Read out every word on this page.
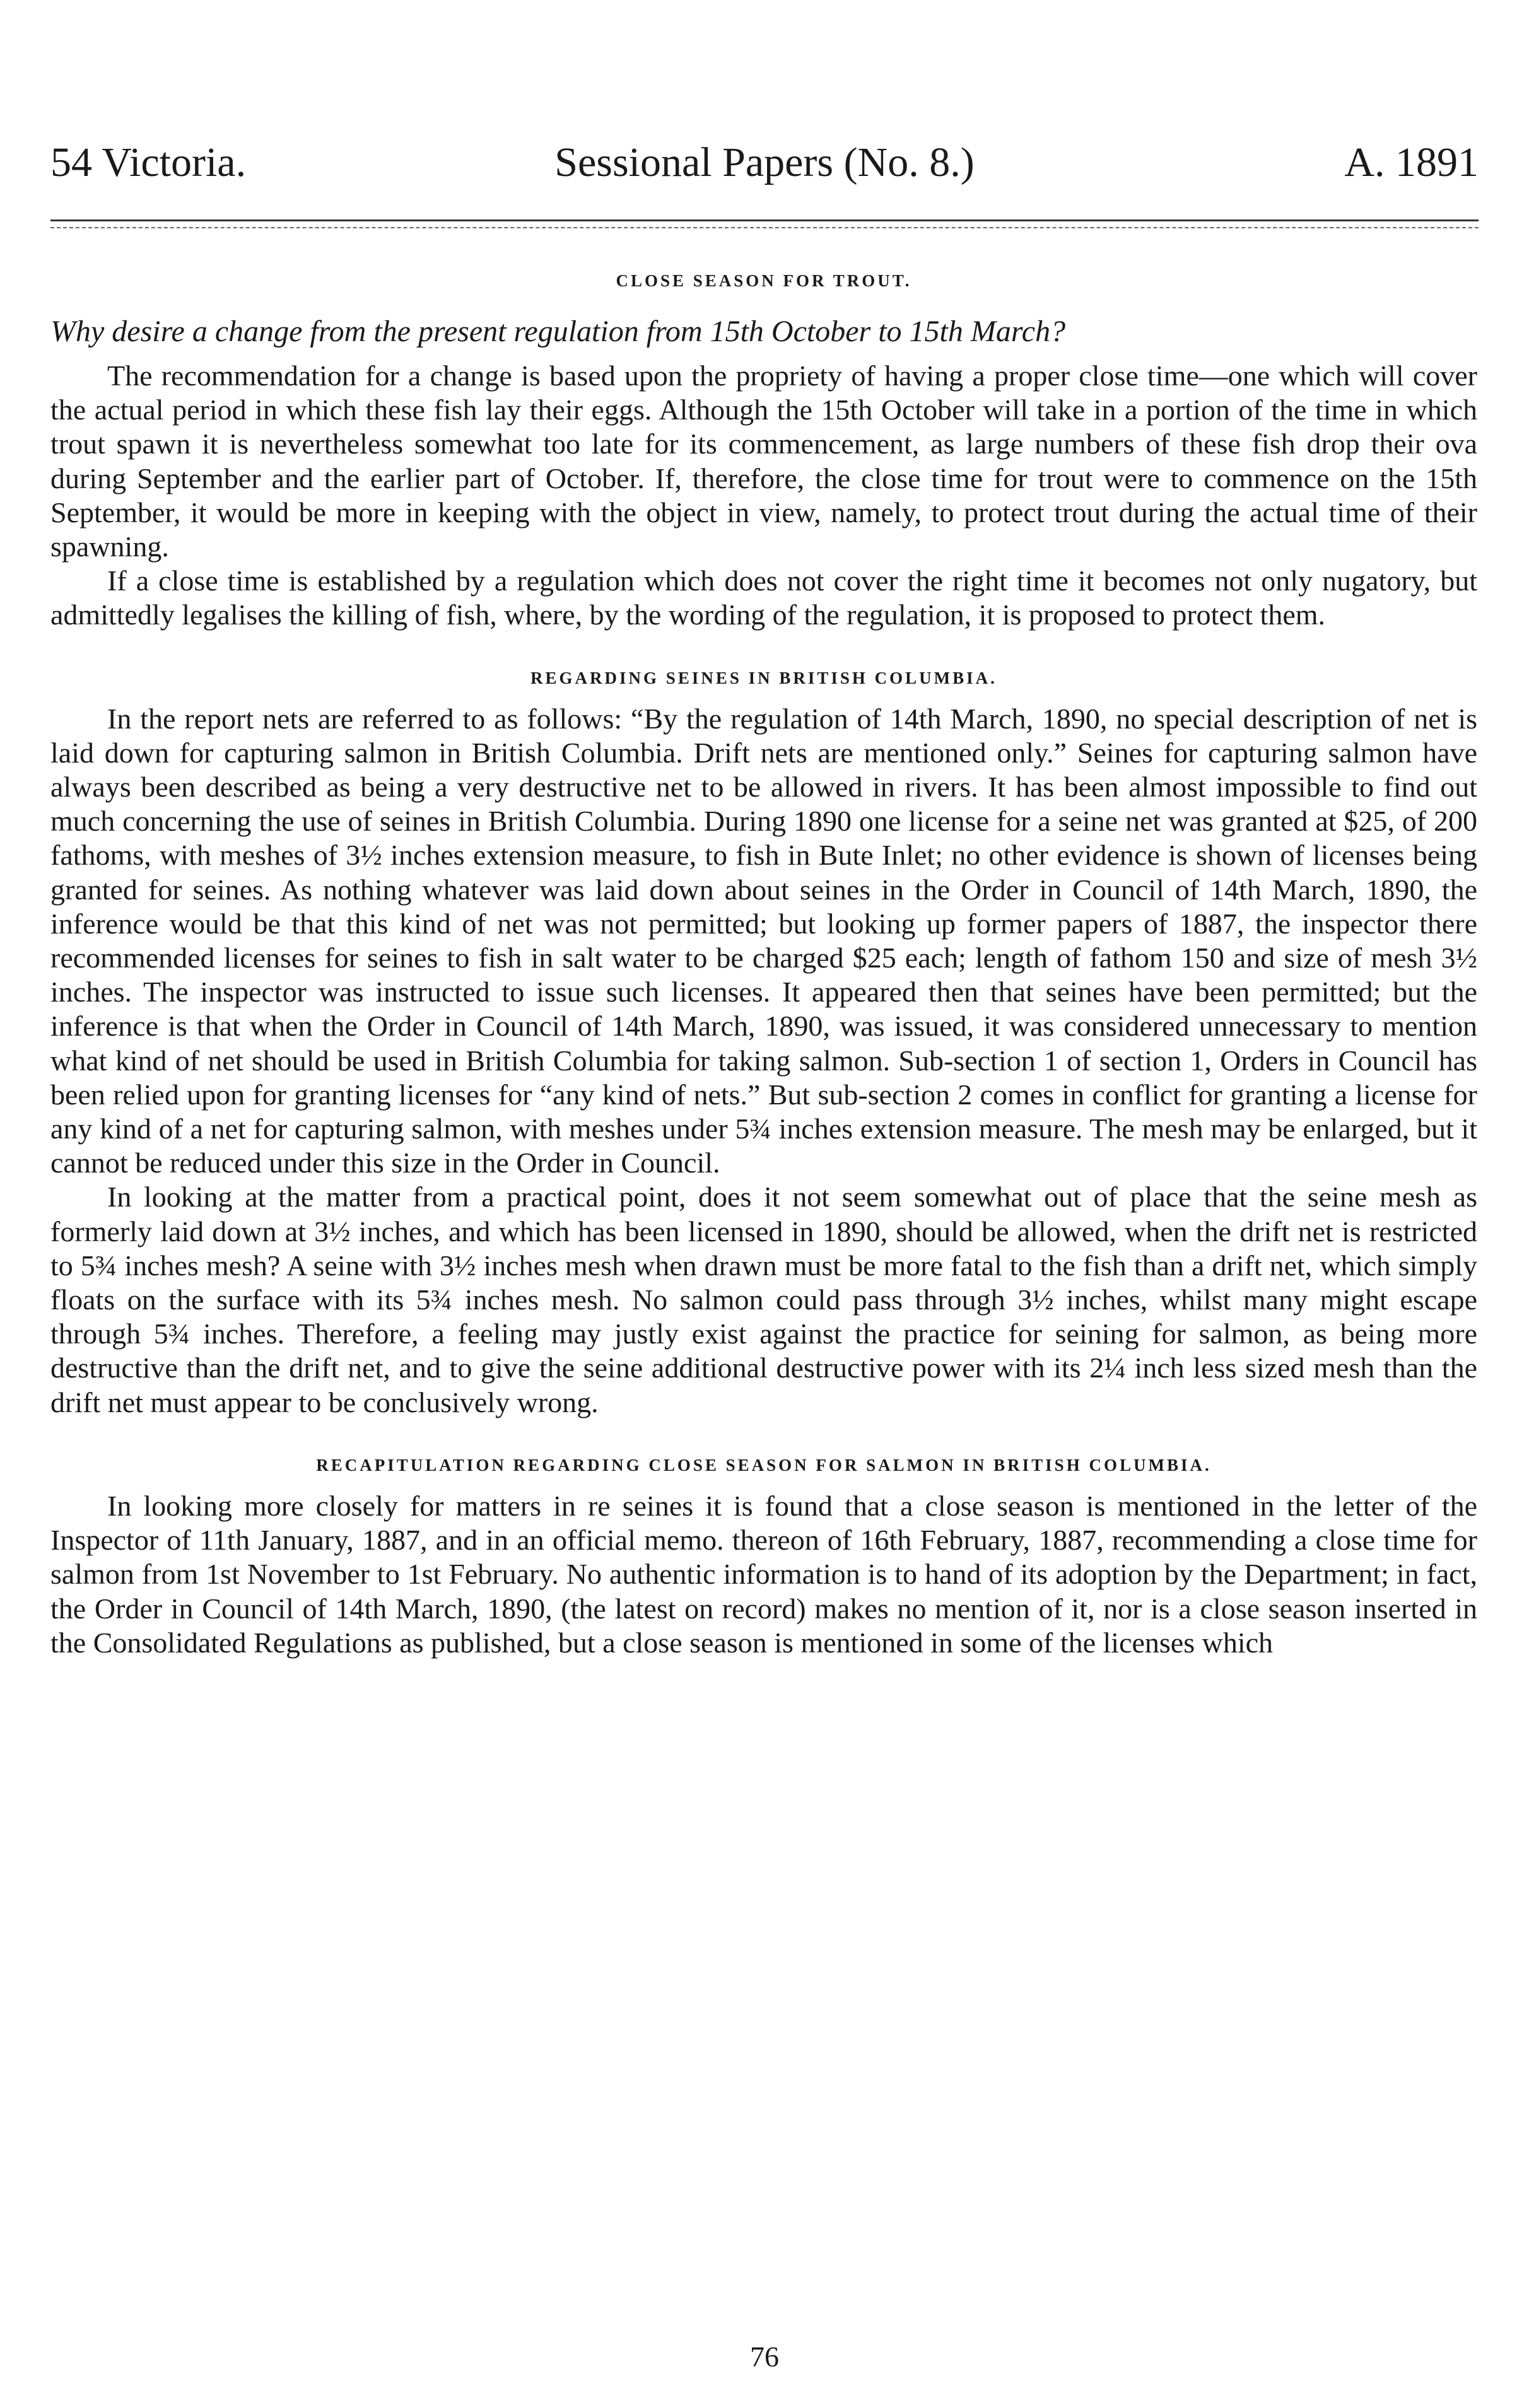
54 Victoria.	Sessional Papers (No. 8.)	A. 1891
CLOSE SEASON FOR TROUT.

Why desire a change from the present regulation from 15th October to 15th March?

The recommendation for a change is based upon the propriety of having a proper close time—one which will cover the actual period in which these fish lay their eggs. Although the 15th October will take in a portion of the time in which trout spawn it is nevertheless somewhat too late for its commencement, as large numbers of these fish drop their ova during September and the earlier part of October. If, therefore, the close time for trout were to commence on the 15th September, it would be more in keeping with the object in view, namely, to protect trout during the actual time of their spawning.

If a close time is established by a regulation which does not cover the right time it becomes not only nugatory, but admittedly legalises the killing of fish, where, by the wording of the regulation, it is proposed to protect them.

REGARDING SEINES IN BRITISH COLUMBIA.

In the report nets are referred to as follows: “By the regulation of 14th March, 1890, no special description of net is laid down for capturing salmon in British Columbia. Drift nets are mentioned only.” Seines for capturing salmon have always been described as being a very destructive net to be allowed in rivers. It has been almost impossible to find out much concerning the use of seines in British Columbia. During 1890 one license for a seine net was granted at $25, of 200 fathoms, with meshes of 3½ inches extension measure, to fish in Bute Inlet; no other evidence is shown of licenses being granted for seines. As nothing whatever was laid down about seines in the Order in Council of 14th March, 1890, the inference would be that this kind of net was not permitted; but looking up former papers of 1887, the inspector there recommended licenses for seines to fish in salt water to be charged $25 each; length of fathom 150 and size of mesh 3½ inches. The inspector was instructed to issue such licenses. It appeared then that seines have been permitted; but the inference is that when the Order in Council of 14th March, 1890, was issued, it was considered unnecessary to mention what kind of net should be used in British Columbia for taking salmon. Sub-section 1 of section 1, Orders in Council has been relied upon for granting licenses for “any kind of nets.” But sub-section 2 comes in conflict for granting a license for any kind of a net for capturing salmon, with meshes under 5¾ inches extension measure. The mesh may be enlarged, but it cannot be reduced under this size in the Order in Council.

In looking at the matter from a practical point, does it not seem somewhat out of place that the seine mesh as formerly laid down at 3½ inches, and which has been licensed in 1890, should be allowed, when the drift net is restricted to 5¾ inches mesh? A seine with 3½ inches mesh when drawn must be more fatal to the fish than a drift net, which simply floats on the surface with its 5¾ inches mesh. No salmon could pass through 3½ inches, whilst many might escape through 5¾ inches. Therefore, a feeling may justly exist against the practice for seining for salmon, as being more destructive than the drift net, and to give the seine additional destructive power with its 2¼ inch less sized mesh than the drift net must appear to be conclusively wrong.

RECAPITULATION REGARDING CLOSE SEASON FOR SALMON IN BRITISH COLUMBIA.

In looking more closely for matters in re seines it is found that a close season is mentioned in the letter of the Inspector of 11th January, 1887, and in an official memo. thereon of 16th February, 1887, recommending a close time for salmon from 1st November to 1st February. No authentic information is to hand of its adoption by the Department; in fact, the Order in Council of 14th March, 1890, (the latest on record) makes no mention of it, nor is a close season inserted in the Consolidated Regulations as published, but a close season is mentioned in some of the licenses which

76
